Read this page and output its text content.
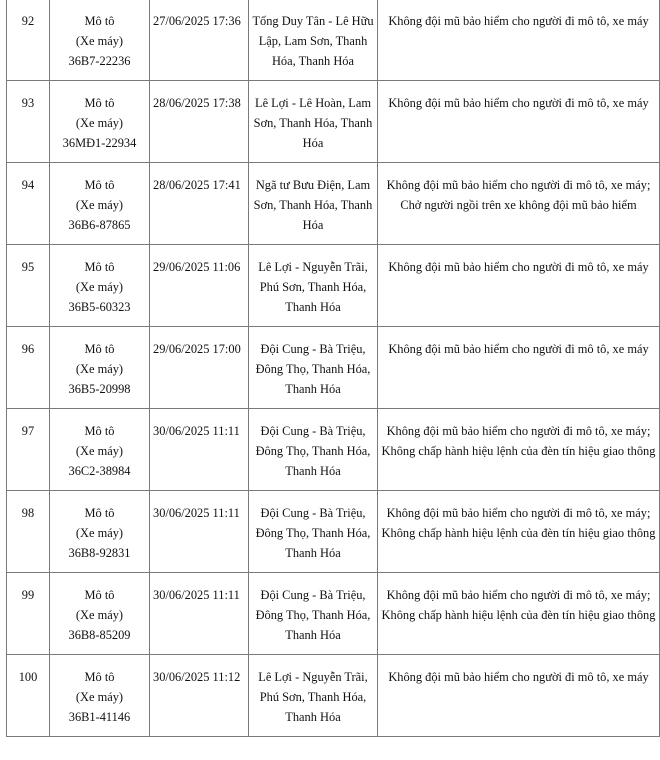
92	Mô tô
(Xe máy)
36B7-22236	27/06/2025 17:36	Tống Duy Tân - Lê Hữu
Lập, Lam Sơn, Thanh
Hóa, Thanh Hóa	Không đội mũ bảo hiểm cho người đi mô tô, xe máy

93	Mô tô
(Xe máy)
36MĐ1-22934	28/06/2025 17:38	Lê Lợi - Lê Hoàn, Lam
Sơn, Thanh Hóa, Thanh
Hóa	Không đội mũ bảo hiểm cho người đi mô tô, xe máy

94	Mô tô
(Xe máy)
36B6-87865	28/06/2025 17:41	Ngã tư Bưu Điện, Lam
Sơn, Thanh Hóa, Thanh
Hóa	Không đội mũ bảo hiểm cho người đi mô tô, xe máy;
Chở người ngồi trên xe không đội mũ bảo hiểm

95	Mô tô
(Xe máy)
36B5-60323	29/06/2025 11:06	Lê Lợi - Nguyễn Trãi,
Phú Sơn, Thanh Hóa,
Thanh Hóa	Không đội mũ bảo hiểm cho người đi mô tô, xe máy

96	Mô tô
(Xe máy)
36B5-20998	29/06/2025 17:00	Đội Cung - Bà Triệu,
Đông Thọ, Thanh Hóa,
Thanh Hóa	Không đội mũ bảo hiểm cho người đi mô tô, xe máy

97	Mô tô
(Xe máy)
36C2-38984	30/06/2025 11:11	Đội Cung - Bà Triệu,
Đông Thọ, Thanh Hóa,
Thanh Hóa	Không đội mũ bảo hiểm cho người đi mô tô, xe máy;
Không chấp hành hiệu lệnh của đèn tín hiệu giao thông

98	Mô tô
(Xe máy)
36B8-92831	30/06/2025 11:11	Đội Cung - Bà Triệu,
Đông Thọ, Thanh Hóa,
Thanh Hóa	Không đội mũ bảo hiểm cho người đi mô tô, xe máy;
Không chấp hành hiệu lệnh của đèn tín hiệu giao thông

99	Mô tô
(Xe máy)
36B8-85209	30/06/2025 11:11	Đội Cung - Bà Triệu,
Đông Thọ, Thanh Hóa,
Thanh Hóa	Không đội mũ bảo hiểm cho người đi mô tô, xe máy;
Không chấp hành hiệu lệnh của đèn tín hiệu giao thông

100	Mô tô
(Xe máy)
36B1-41146	30/06/2025 11:12	Lê Lợi - Nguyễn Trãi,
Phú Sơn, Thanh Hóa,
Thanh Hóa	Không đội mũ bảo hiểm cho người đi mô tô, xe máy
